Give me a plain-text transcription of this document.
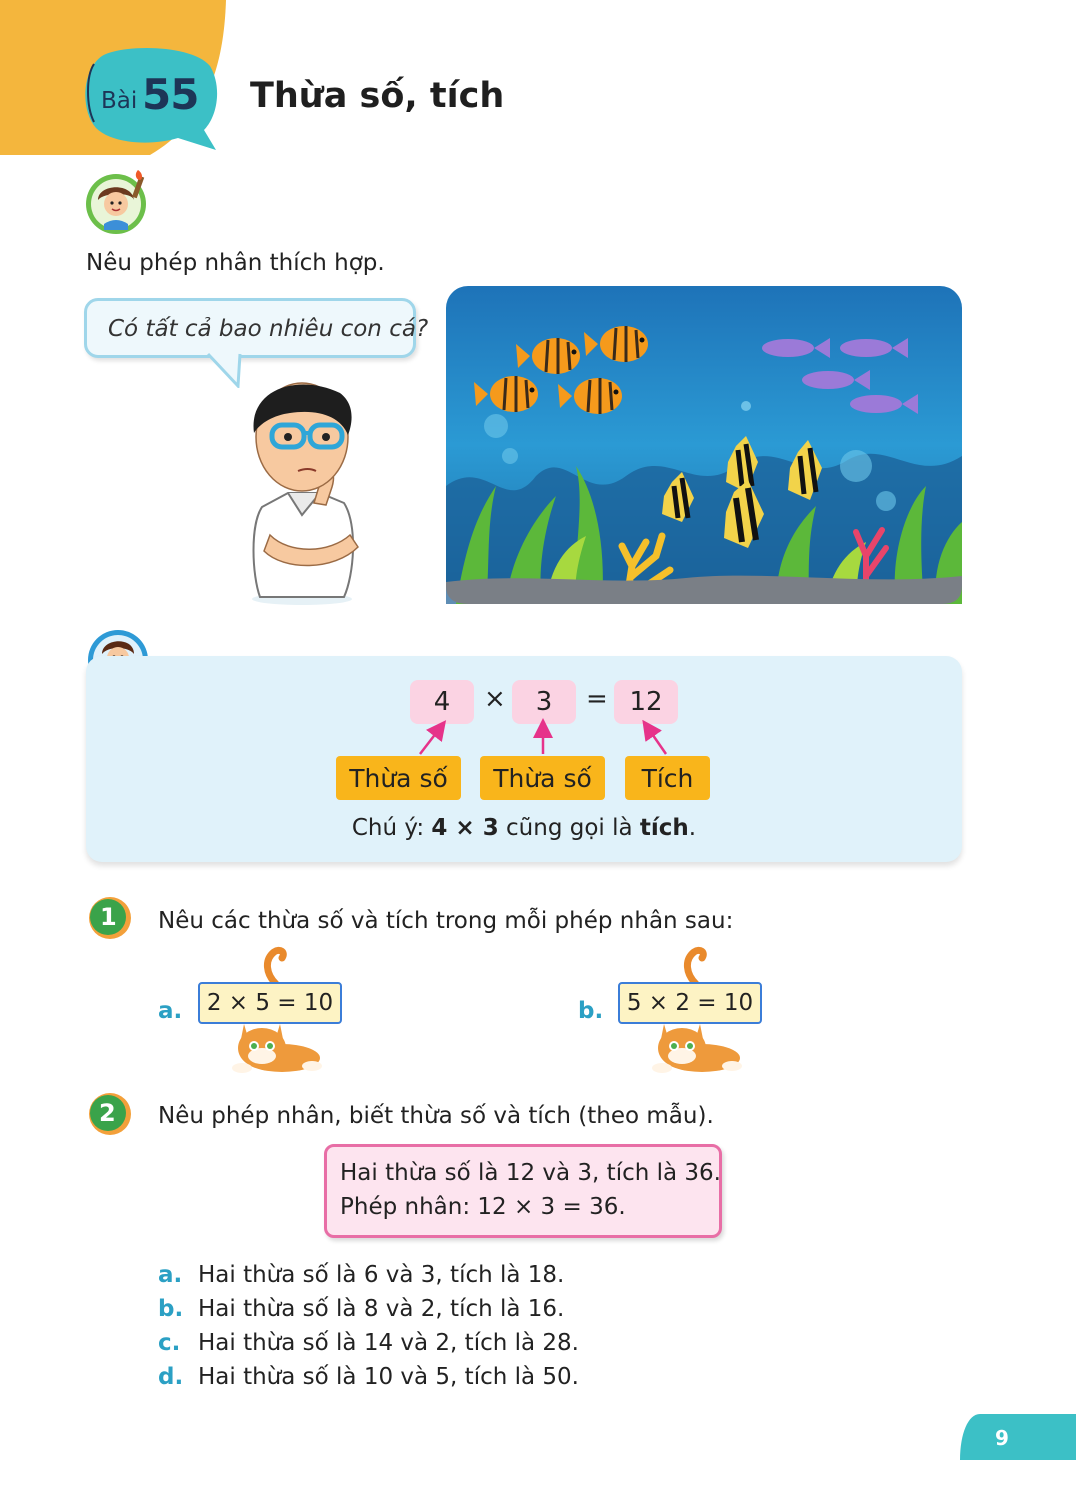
Bài 55 Thừa số, tích
Nêu phép nhân thích hợp.
Có tất cả bao nhiêu con cá?
4	×	3	= 12
Thừa số	Thừa số	Tích
Chú ý: 4 × 3 cũng gọi là tích.
1 Nêu các thừa số và tích trong mỗi phép nhân sau:
a.	2 × 5 = 10	b.	5 × 2 = 10
2 Nêu phép nhân, biết thừa số và tích (theo mẫu).
Hai thừa số là 12 và 3, tích là 36.
Phép nhân: 12 × 3 = 36.
a. Hai thừa số là 6 và 3, tích là 18.
b. Hai thừa số là 8 và 2, tích là 16.
c. Hai thừa số là 14 và 2, tích là 28.
d. Hai thừa số là 10 và 5, tích là 50.
9
